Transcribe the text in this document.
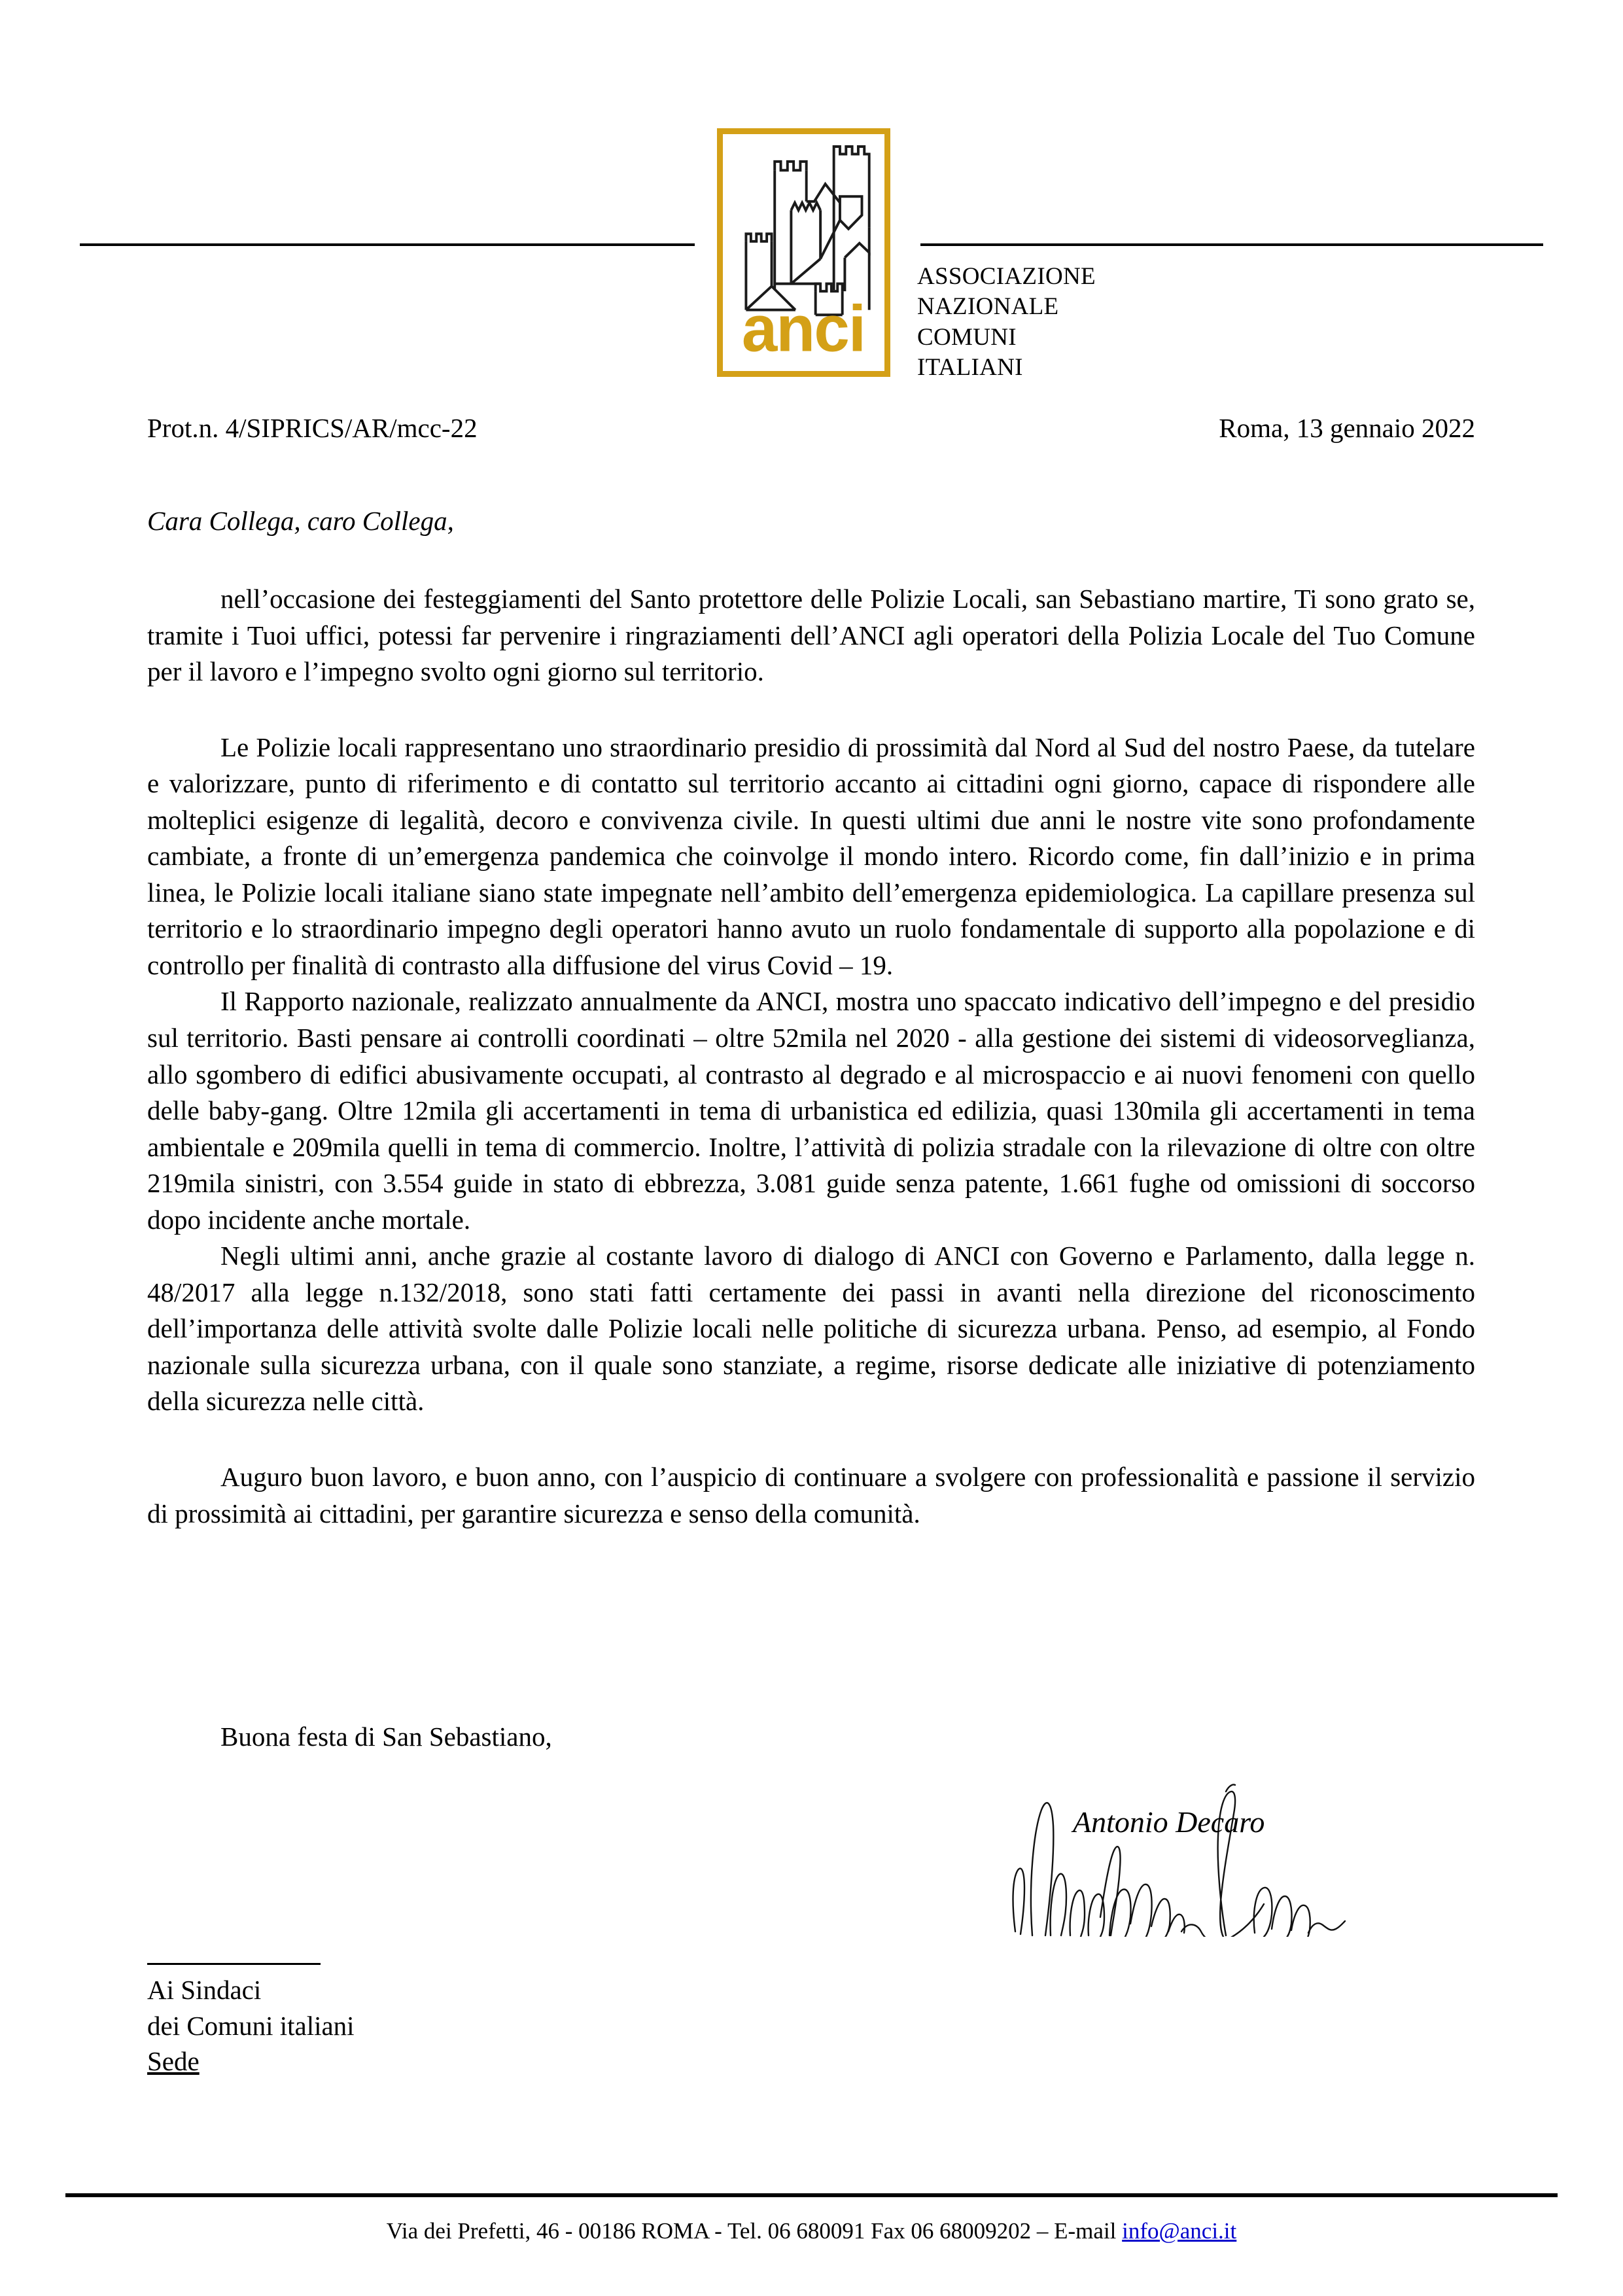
anci
ASSOCIAZIONE
NAZIONALE
COMUNI
ITALIANI
Prot.n. 4/SIPRICS/AR/mcc-22	Roma, 13 gennaio 2022
Cara Collega, caro Collega,

nell’occasione dei festeggiamenti del Santo protettore delle Polizie Locali, san Sebastiano martire, Ti sono grato se, tramite i Tuoi uffici, potessi far pervenire i ringraziamenti dell’ANCI agli operatori della Polizia Locale del Tuo Comune per il lavoro e l’impegno svolto ogni giorno sul territorio.

Le Polizie locali rappresentano uno straordinario presidio di prossimità dal Nord al Sud del nostro Paese, da tutelare e valorizzare, punto di riferimento e di contatto sul territorio accanto ai cittadini ogni giorno, capace di rispondere alle molteplici esigenze di legalità, decoro e convivenza civile. In questi ultimi due anni le nostre vite sono profondamente cambiate, a fronte di un’emergenza pandemica che coinvolge il mondo intero. Ricordo come, fin dall’inizio e in prima linea, le Polizie locali italiane siano state impegnate nell’ambito dell’emergenza epidemiologica. La capillare presenza sul territorio e lo straordinario impegno degli operatori hanno avuto un ruolo fondamentale di supporto alla popolazione e di controllo per finalità di contrasto alla diffusione del virus Covid – 19.

Il Rapporto nazionale, realizzato annualmente da ANCI, mostra uno spaccato indicativo dell’impegno e del presidio sul territorio. Basti pensare ai controlli coordinati – oltre 52mila nel 2020 - alla gestione dei sistemi di videosorveglianza, allo sgombero di edifici abusivamente occupati, al contrasto al degrado e al microspaccio e ai nuovi fenomeni con quello delle baby-gang. Oltre 12mila gli accertamenti in tema di urbanistica ed edilizia, quasi 130mila gli accertamenti in tema ambientale e 209mila quelli in tema di commercio. Inoltre, l’attività di polizia stradale con la rilevazione di oltre con oltre 219mila sinistri, con 3.554 guide in stato di ebbrezza, 3.081 guide senza patente, 1.661 fughe od omissioni di soccorso dopo incidente anche mortale.

Negli ultimi anni, anche grazie al costante lavoro di dialogo di ANCI con Governo e Parlamento, dalla legge n. 48/2017 alla legge n.132/2018, sono stati fatti certamente dei passi in avanti nella direzione del riconoscimento dell’importanza delle attività svolte dalle Polizie locali nelle politiche di sicurezza urbana. Penso, ad esempio, al Fondo nazionale sulla sicurezza urbana, con il quale sono stanziate, a regime, risorse dedicate alle iniziative di potenziamento della sicurezza nelle città.

Auguro buon lavoro, e buon anno, con l’auspicio di continuare a svolgere con professionalità e passione il servizio di prossimità ai cittadini, per garantire sicurezza e senso della comunità.

Buona festa di San Sebastiano,
Antonio Decaro
Ai Sindaci
dei Comuni italiani
Sede
Via dei Prefetti, 46 - 00186 ROMA - Tel. 06 680091 Fax 06 68009202 – E-mail info@anci.it
